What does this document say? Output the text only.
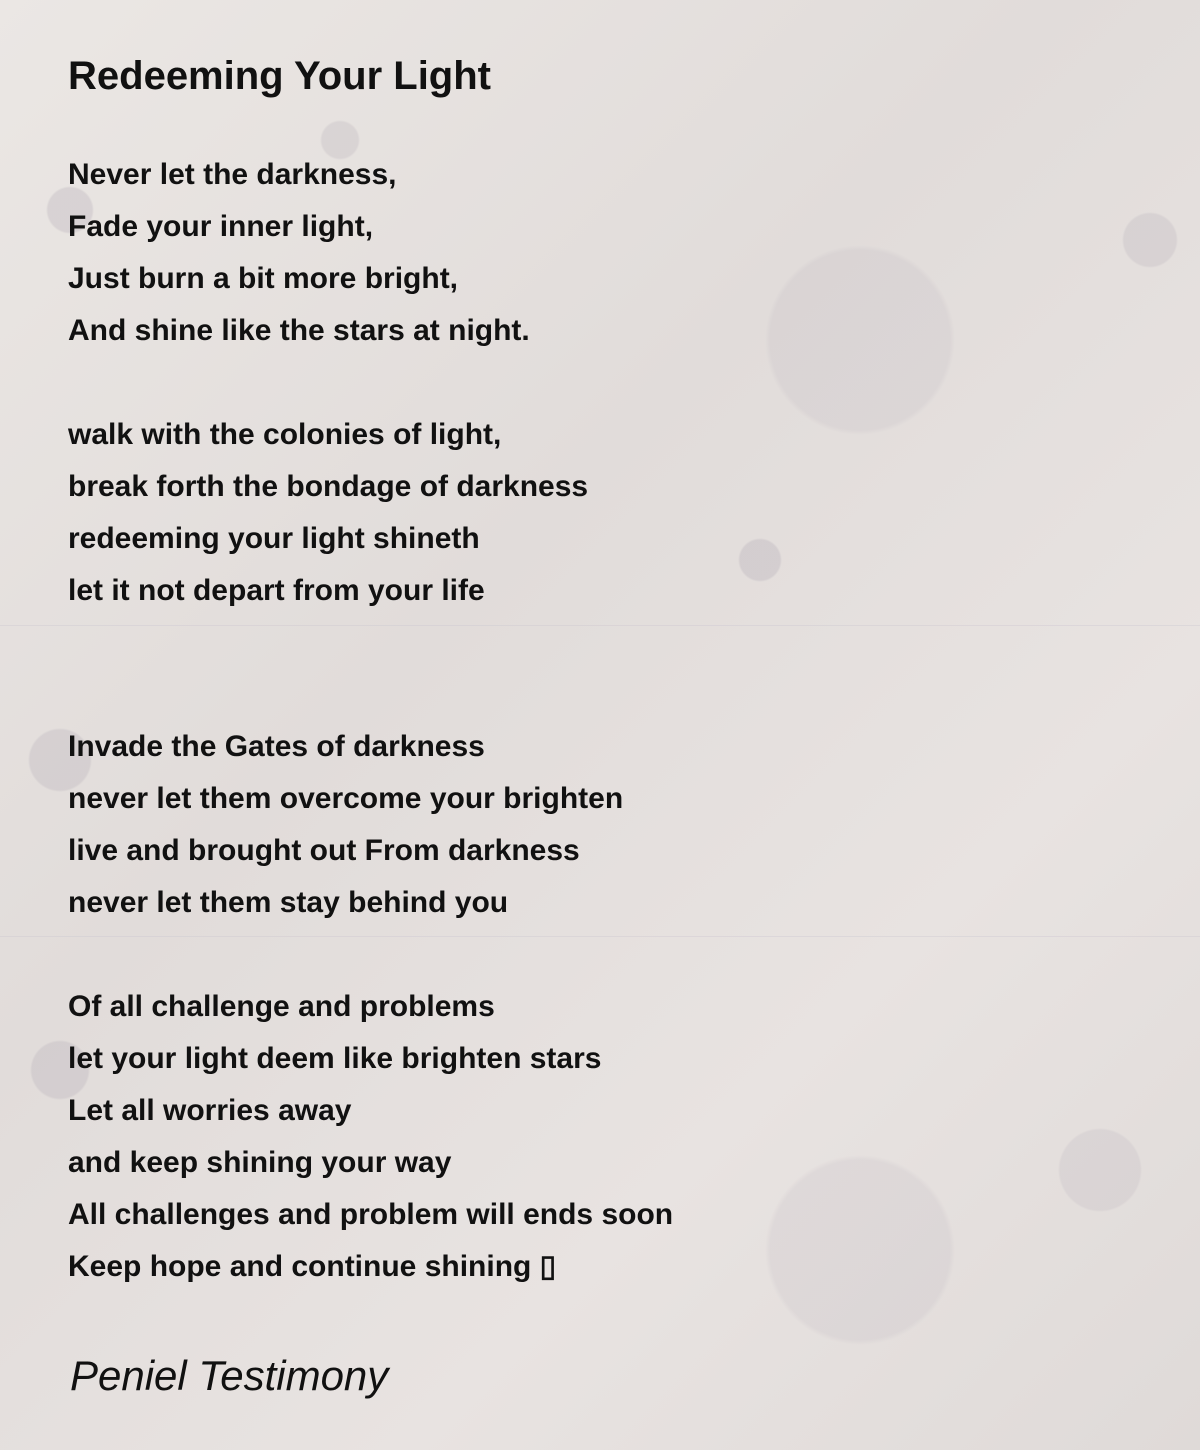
Redeeming Your Light
Never let the darkness,
Fade your inner light,
Just burn a bit more bright,
And shine like the stars at night.
walk with the colonies of light,
break forth the bondage of darkness
redeeming your light shineth
let it not depart from your life
Invade the Gates of darkness
never let them overcome your brighten
live and brought out From darkness
never let them stay behind you
Of all challenge and problems
let your light deem like brighten stars
Let all worries away
and keep shining your way
All challenges and problem will ends soon
Keep hope and continue shining ▯

Peniel Testimony
